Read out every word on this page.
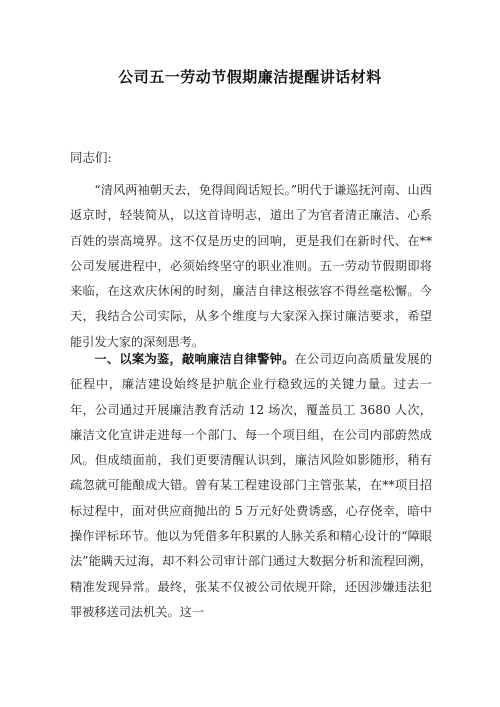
公司五一劳动节假期廉洁提醒讲话材料
同志们:
“清风两袖朝天去，免得闾阎话短长。”明代于谦巡抚河南、山西返京时，轻装简从，以这首诗明志，道出了为官者清正廉洁、心系百姓的崇高境界。这不仅是历史的回响，更是我们在新时代、在**公司发展进程中，必须始终坚守的职业准则。五一劳动节假期即将来临，在这欢庆休闲的时刻，廉洁自律这根弦容不得丝毫松懈。今天，我结合公司实际，从多个维度与大家深入探讨廉洁要求，希望能引发大家的深刻思考。
一、以案为鉴，敲响廉洁自律警钟。在公司迈向高质量发展的征程中，廉洁建设始终是护航企业行稳致远的关键力量。过去一年，公司通过开展廉洁教育活动 12 场次，覆盖员工 3680 人次，廉洁文化宣讲走进每一个部门、每一个项目组，在公司内部蔚然成风。但成绩面前，我们更要清醒认识到，廉洁风险如影随形，稍有疏忽就可能酿成大错。曾有某工程建设部门主管张某，在**项目招标过程中，面对供应商抛出的 5 万元好处费诱惑，心存侥幸，暗中操作评标环节。他以为凭借多年积累的人脉关系和精心设计的“障眼法”能瞒天过海，却不料公司审计部门通过大数据分析和流程回溯，精准发现异常。最终，张某不仅被公司依规开除，还因涉嫌违法犯罪被移送司法机关。这一
